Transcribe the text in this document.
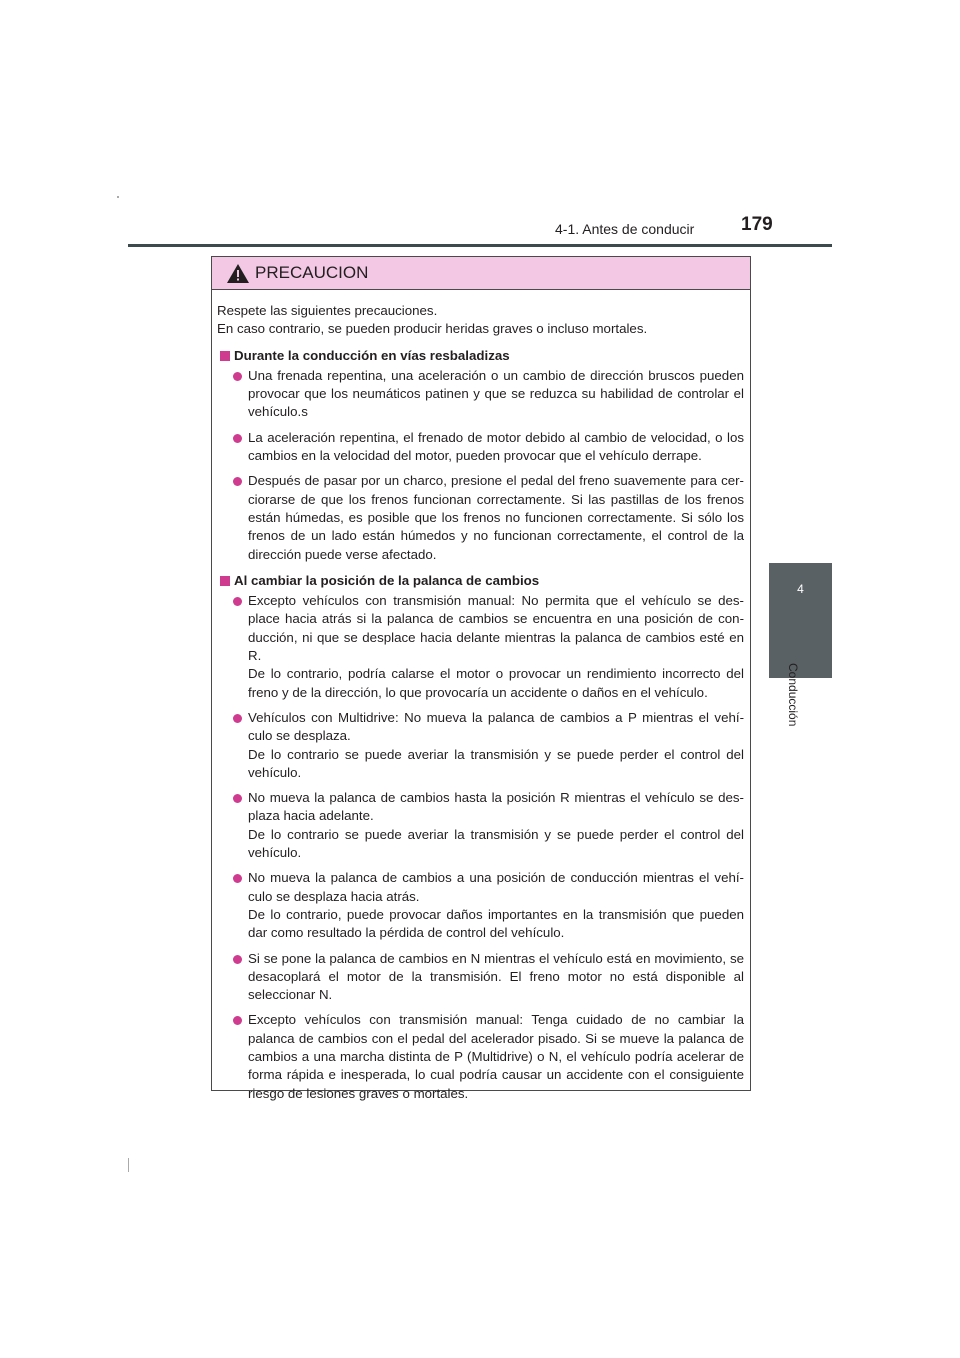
4-1. Antes de conducir 179
4
Conducción
PRECAUCION

Respete las siguientes precauciones.

En caso contrario, se pueden producir heridas graves o incluso mortales.

Durante la conducción en vías resbaladizas

Una frenada repentina, una aceleración o un cambio de dirección bruscos pueden provocar que los neumáticos patinen y que se reduzca su habilidad de controlar el vehículo.s

La aceleración repentina, el frenado de motor debido al cambio de velocidad, o los cambios en la velocidad del motor, pueden provocar que el vehículo derrape.

Después de pasar por un charco, presione el pedal del freno suavemente para cer-ciorarse de que los frenos funcionan correctamente. Si las pastillas de los frenos están húmedas, es posible que los frenos no funcionen correctamente. Si sólo los frenos de un lado están húmedos y no funcionan correctamente, el control de la dirección puede verse afectado.

Al cambiar la posición de la palanca de cambios

Excepto vehículos con transmisión manual: No permita que el vehículo se des-place hacia atrás si la palanca de cambios se encuentra en una posición de con-ducción, ni que se desplace hacia delante mientras la palanca de cambios esté en R.

De lo contrario, podría calarse el motor o provocar un rendimiento incorrecto del freno y de la dirección, lo que provocaría un accidente o daños en el vehículo.

Vehículos con Multidrive: No mueva la palanca de cambios a P mientras el vehí-culo se desplaza.

De lo contrario se puede averiar la transmisión y se puede perder el control del vehículo.

No mueva la palanca de cambios hasta la posición R mientras el vehículo se des-plaza hacia adelante.

De lo contrario se puede averiar la transmisión y se puede perder el control del vehículo.

No mueva la palanca de cambios a una posición de conducción mientras el vehí-culo se desplaza hacia atrás.

De lo contrario, puede provocar daños importantes en la transmisión que pueden dar como resultado la pérdida de control del vehículo.

Si se pone la palanca de cambios en N mientras el vehículo está en movimiento, se desacoplará el motor de la transmisión. El freno motor no está disponible al seleccionar N.

Excepto vehículos con transmisión manual: Tenga cuidado de no cambiar la palanca de cambios con el pedal del acelerador pisado. Si se mueve la palanca de cambios a una marcha distinta de P (Multidrive) o N, el vehículo podría acelerar de forma rápida e inesperada, lo cual podría causar un accidente con el consiguiente riesgo de lesiones graves o mortales.
